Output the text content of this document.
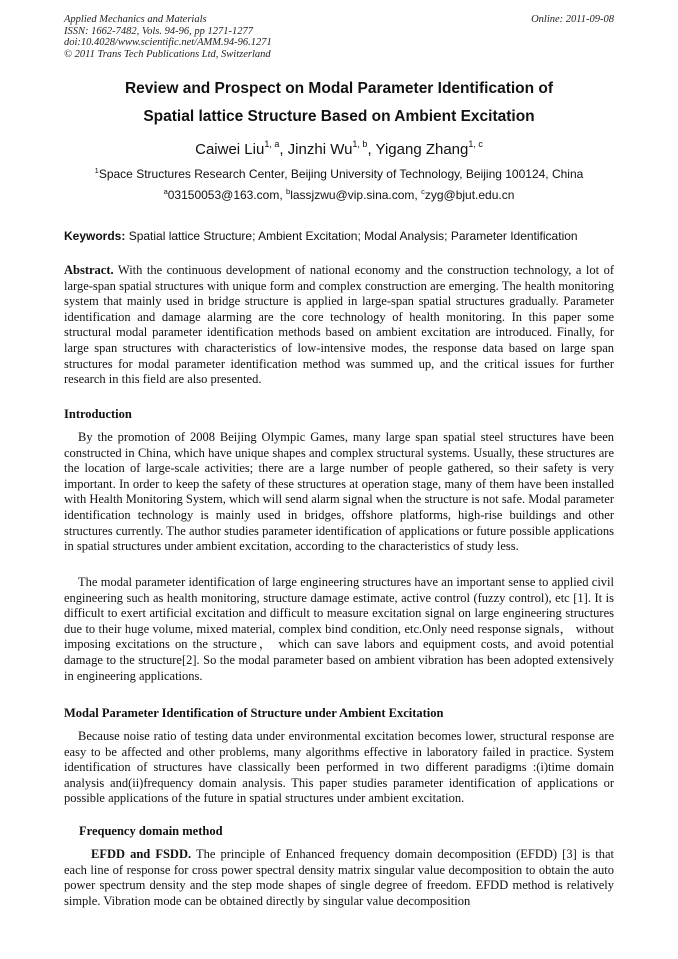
Applied Mechanics and Materials
ISSN: 1662-7482, Vols. 94-96, pp 1271-1277
doi:10.4028/www.scientific.net/AMM.94-96.1271
© 2011 Trans Tech Publications Ltd, Switzerland
Online: 2011-09-08
Review and Prospect on Modal Parameter Identification of
Spatial lattice Structure Based on Ambient Excitation
Caiwei Liu$^{1, a}$, Jinzhi Wu$^{1, b}$, Yigang Zhang$^{1, c}$
$^1$Space Structures Research Center, Beijing University of Technology, Beijing 100124, China
$^a$03150053@163.com, $^b$lassjzwu@vip.sina.com, $^c$zyg@bjut.edu.cn
Keywords: Spatial lattice Structure; Ambient Excitation; Modal Analysis; Parameter Identification
Abstract. With the continuous development of national economy and the construction technology, a lot of large-span spatial structures with unique form and complex construction are emerging. The health monitoring system that mainly used in bridge structure is applied in large-span spatial structures gradually. Parameter identification and damage alarming are the core technology of health monitoring. In this paper some structural modal parameter identification methods based on ambient excitation are introduced. Finally, for large span structures with characteristics of low-intensive modes, the response data based on large span structures for modal parameter identification method was summed up, and the critical issues for further research in this field are also presented.
Introduction
By the promotion of 2008 Beijing Olympic Games, many large span spatial steel structures have been constructed in China, which have unique shapes and complex structural systems. Usually, these structures are the location of large-scale activities; there are a large number of people gathered, so their safety is very important. In order to keep the safety of these structures at operation stage, many of them have been installed with Health Monitoring System, which will send alarm signal when the structure is not safe. Modal parameter identification technology is mainly used in bridges, offshore platforms, high-rise buildings and other structures currently. The author studies parameter identification of applications or future possible applications in spatial structures under ambient excitation, according to the characteristics of study less.
The modal parameter identification of large engineering structures have an important sense to applied civil engineering such as health monitoring, structure damage estimate, active control (fuzzy control), etc [1]. It is difficult to exert artificial excitation and difficult to measure excitation signal on large engineering structures due to their huge volume, mixed material, complex bind condition, etc.Only need response signals， without imposing excitations on the structure， which can save labors and equipment costs, and avoid potential damage to the structure[2]. So the modal parameter based on ambient vibration has been adopted extensively in engineering applications.
Modal Parameter Identification of Structure under Ambient Excitation
Because noise ratio of testing data under environmental excitation becomes lower, structural response are easy to be affected and other problems, many algorithms effective in laboratory failed in practice. System identification of structures have classically been performed in two different paradigms :(i)time domain analysis and(ii)frequency domain analysis. This paper studies parameter identification of applications or possible applications of the future in spatial structures under ambient excitation.
Frequency domain method
EFDD and FSDD. The principle of Enhanced frequency domain decomposition (EFDD) [3] is that each line of response for cross power spectral density matrix singular value decomposition to obtain the auto power spectrum density and the step mode shapes of single degree of freedom. EFDD method is relatively simple. Vibration mode can be obtained directly by singular value decomposition
